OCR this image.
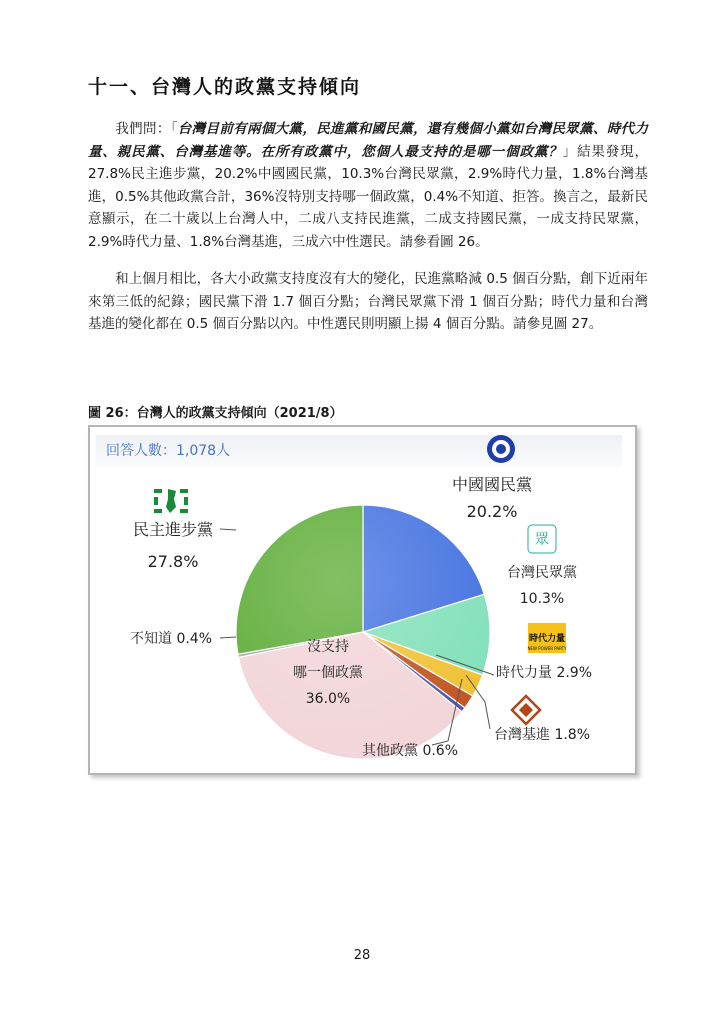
十一、台灣人的政黨支持傾向
我們問：「台灣目前有兩個大黨，民進黨和國民黨，還有幾個小黨如台灣民眾黨、時代力量、親民黨、台灣基進等。在所有政黨中，您個人最支持的是哪一個政黨？」結果發現，27.8%民主進步黨，20.2%中國國民黨，10.3%台灣民眾黨，2.9%時代力量，1.8%台灣基進，0.5%其他政黨合計，36%沒特別支持哪一個政黨，0.4%不知道、拒答。換言之，最新民意顯示，在二十歲以上台灣人中，二成八支持民進黨，二成支持國民黨，一成支持民眾黨，2.9%時代力量、1.8%台灣基進，三成六中性選民。請參看圖 26。
和上個月相比，各大小政黨支持度沒有大的變化，民進黨略減 0.5 個百分點，創下近兩年來第三低的紀錄；國民黨下滑 1.7 個百分點；台灣民眾黨下滑 1 個百分點；時代力量和台灣基進的變化都在 0.5 個百分點以內。中性選民則明顯上揚 4 個百分點。請參見圖 27。
圖 26：台灣人的政黨支持傾向（2021/8）
回答人數：1,078人
中國國民黨
20.2%
眾
台灣民眾黨
10.3%
時代力量
NEW POWER PARTY
時代力量 2.9%
台灣基進 1.8%
其他政黨 0.6%
沒支持
哪一個政黨
36.0%
不知道 0.4%
民主進步黨
27.8%
28
